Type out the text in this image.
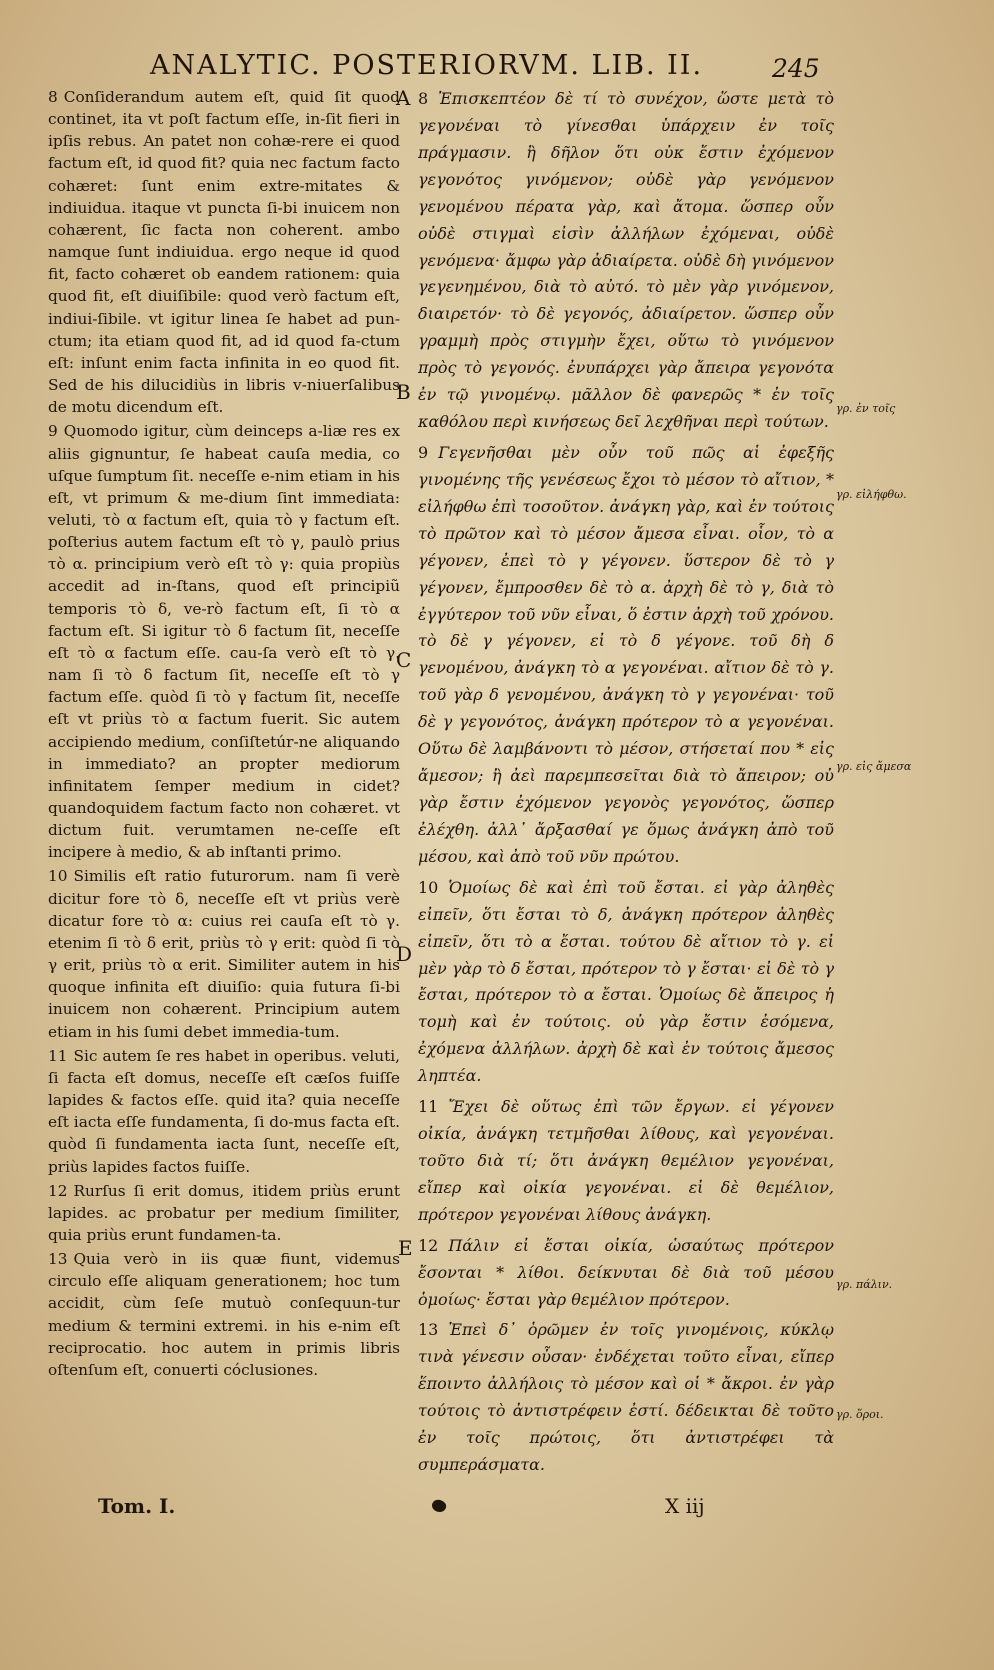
ANALYTIC. POSTERIORVM. LIB. II.	245

8 Conſiderandum autem eſt, quid ſit quod continet, ita vt poſt factum eſſe, in-ſit fieri in ipſis rebus. An patet non cohæ-rere ei quod factum eſt, id quod fit? quia nec factum facto cohæret: ſunt enim extre-mitates & indiuidua. itaque vt puncta ſi-bi inuicem non cohærent, ſic facta non coherent. ambo namque ſunt indiuidua. ergo neque id quod fit, facto cohæret ob eandem rationem: quia quod fit, eſt diuiſibile: quod verò factum eſt, indiui-ſibile. vt igitur linea ſe habet ad pun-ctum; ita etiam quod fit, ad id quod fa-ctum eſt: inſunt enim facta infinita in eo quod fit. Sed de his dilucidiùs in libris v-niuerſalibus de motu dicendum eſt.

9 Quomodo igitur, cùm deinceps a-liæ res ex aliis gignuntur, ſe habeat cauſa media, co uſque ſumptum ſit. neceſſe e-nim etiam in his eſt, vt primum & me-dium ſint immediata: veluti, τὸ α factum eſt, quia τὸ γ factum eſt. poſterius autem factum eſt τὸ γ, paulò prius τὸ α. principium verò eſt τὸ γ: quia propiùs accedit ad in-ſtans, quod eſt principiũ temporis τὸ δ, ve-rò factum eſt, ſi τὸ α factum eſt. Si igitur τὸ δ factum ſit, neceſſe eſt τὸ α factum eſſe. cau-ſa verò eſt τὸ γ. nam ſi τὸ δ factum ſit, neceſſe eſt τὸ γ factum eſſe. quòd ſi τὸ γ factum ſit, neceſſe eſt vt priùs τὸ α factum fuerit. Sic autem accipiendo medium, conſiſtetúr-ne aliquando in immediato? an propter mediorum infinitatem ſemper medium in cidet? quandoquidem factum facto non cohæret. vt dictum fuit. verumtamen ne-ceſſe eſt incipere à medio, & ab inſtanti primo.

10 Similis eſt ratio futurorum. nam ſi verè dicitur fore τὸ δ, neceſſe eſt vt priùs verè dicatur fore τὸ α: cuius rei cauſa eſt τὸ γ. etenim ſi τὸ δ erit, priùs τὸ γ erit: quòd ſi τὸ γ erit, priùs τὸ α erit. Similiter autem in his quoque infinita eſt diuiſio: quia futura ſi-bi inuicem non cohærent. Principium autem etiam in his ſumi debet immedia-tum.

11 Sic autem ſe res habet in operibus. veluti, ſi facta eſt domus, neceſſe eſt cæſos fuiſſe lapides & factos eſſe. quid ita? quia neceſſe eſt iacta eſſe fundamenta, ſi do-mus facta eſt. quòd ſi fundamenta iacta ſunt, neceſſe eſt, priùs lapides factos fuiſſe.

12 Rurſus ſi erit domus, itidem priùs erunt lapides. ac probatur per medium ſimiliter, quia priùs erunt fundamen-ta.

13 Quia verò in iis quæ fiunt, videmus circulo eſſe aliquam generationem; hoc tum accidit, cùm ſeſe mutuò conſequun-tur medium & termini extremi. in his e-nim eſt reciprocatio. hoc autem in primis libris oſtenſum eſt, conuerti cóclusiones.

8 Ἐπισκεπτέον δὲ τί τὸ συνέχον, ὥστε μετὰ τὸ γεγονέναι τὸ γίνεσθαι ὑπάρχειν ἐν τοῖς πράγμασιν. ἢ δῆλον ὅτι οὐκ ἔστιν ἐχόμενον γεγονότος γινόμενον; οὐδὲ γὰρ γενόμενον γενομένου πέρατα γὰρ, καὶ ἄτομα. ὥσπερ οὖν οὐδὲ στιγμαὶ εἰσὶν ἀλλήλων ἐχόμεναι, οὐδὲ γενόμενα· ἄμφω γὰρ ἀδιαίρετα. οὐδὲ δὴ γινόμενον γεγενημένου, διὰ τὸ αὐτό. τὸ μὲν γὰρ γινόμενον, διαιρετόν· τὸ δὲ γεγονός, ἀδιαίρετον. ὥσπερ οὖν γραμμὴ πρὸς στιγμὴν ἔχει, οὕτω τὸ γινόμενον πρὸς τὸ γεγονός. ἐνυπάρχει γὰρ ἄπειρα γεγονότα ἐν τῷ γινομένῳ. μᾶλλον δὲ φανερῶς * ἐν τοῖς καθόλου περὶ κινήσεως δεῖ λεχθῆναι περὶ τούτων.

9 Γεγενῆσθαι μὲν οὖν τοῦ πῶς αἱ ἐφεξῆς γινομένης τῆς γενέσεως ἔχοι τὸ μέσον τὸ αἴτιον, * εἰλήφθω ἐπὶ τοσοῦτον. ἀνάγκη γὰρ, καὶ ἐν τούτοις τὸ πρῶτον καὶ τὸ μέσον ἄμεσα εἶναι. οἷον, τὸ α γέγονεν, ἐπεὶ τὸ γ γέγονεν. ὕστερον δὲ τὸ γ γέγονεν, ἔμπροσθεν δὲ τὸ α. ἀρχὴ δὲ τὸ γ, διὰ τὸ ἐγγύτερον τοῦ νῦν εἶναι, ὅ ἐστιν ἀρχὴ τοῦ χρόνου. τὸ δὲ γ γέγονεν, εἰ τὸ δ γέγονε. τοῦ δὴ δ γενομένου, ἀνάγκη τὸ α γεγονέναι. αἴτιον δὲ τὸ γ. τοῦ γὰρ δ γενομένου, ἀνάγκη τὸ γ γεγονέναι· τοῦ δὲ γ γεγονότος, ἀνάγκη πρότερον τὸ α γεγονέναι. Οὕτω δὲ λαμβάνοντι τὸ μέσον, στήσεταί που * εἰς ἄμεσον; ἢ ἀεὶ παρεμπεσεῖται διὰ τὸ ἄπειρον; οὐ γὰρ ἔστιν ἐχόμενον γεγονὸς γεγονότος, ὥσπερ ἐλέχθη. ἀλλ᾽ ἄρξασθαί γε ὅμως ἀνάγκη ἀπὸ τοῦ μέσου, καὶ ἀπὸ τοῦ νῦν πρώτου.

10 Ὁμοίως δὲ καὶ ἐπὶ τοῦ ἔσται. εἰ γὰρ ἀληθὲς εἰπεῖν, ὅτι ἔσται τὸ δ, ἀνάγκη πρότερον ἀληθὲς εἰπεῖν, ὅτι τὸ α ἔσται. τούτου δὲ αἴτιον τὸ γ. εἰ μὲν γὰρ τὸ δ ἔσται, πρότερον τὸ γ ἔσται· εἰ δὲ τὸ γ ἔσται, πρότερον τὸ α ἔσται. Ὁμοίως δὲ ἄπειρος ἡ τομὴ καὶ ἐν τούτοις. οὐ γὰρ ἔστιν ἐσόμενα, ἐχόμενα ἀλλήλων. ἀρχὴ δὲ καὶ ἐν τούτοις ἄμεσος ληπτέα.

11 Ἔχει δὲ οὕτως ἐπὶ τῶν ἔργων. εἰ γέγονεν οἰκία, ἀνάγκη τετμῆσθαι λίθους, καὶ γεγονέναι. τοῦτο διὰ τί; ὅτι ἀνάγκη θεμέλιον γεγονέναι, εἴπερ καὶ οἰκία γεγονέναι. εἰ δὲ θεμέλιον, πρότερον γεγονέναι λίθους ἀνάγκη.

12 Πάλιν εἰ ἔσται οἰκία, ὡσαύτως πρότερον ἔσονται * λίθοι. δείκνυται δὲ διὰ τοῦ μέσου ὁμοίως· ἔσται γὰρ θεμέλιον πρότερον.

13 Ἐπεὶ δ᾽ ὁρῶμεν ἐν τοῖς γινομένοις, κύκλῳ τινὰ γένεσιν οὖσαν· ἐνδέχεται τοῦτο εἶναι, εἴπερ ἕποιντο ἀλλήλοις τὸ μέσον καὶ οἱ * ἄκροι. ἐν γὰρ τούτοις τὸ ἀντιστρέφειν ἐστί. δέδεικται δὲ τοῦτο ἐν τοῖς πρώτοις, ὅτι ἀντιστρέφει τὰ συμπεράσματα.

A
B
C
D
E
γρ. ἐν τοῖς
γρ. εἰλήφθω.
γρ. εἰς ἄμεσα
γρ. πάλιν.
γρ. ὅροι.
Tom. I.	X iij
